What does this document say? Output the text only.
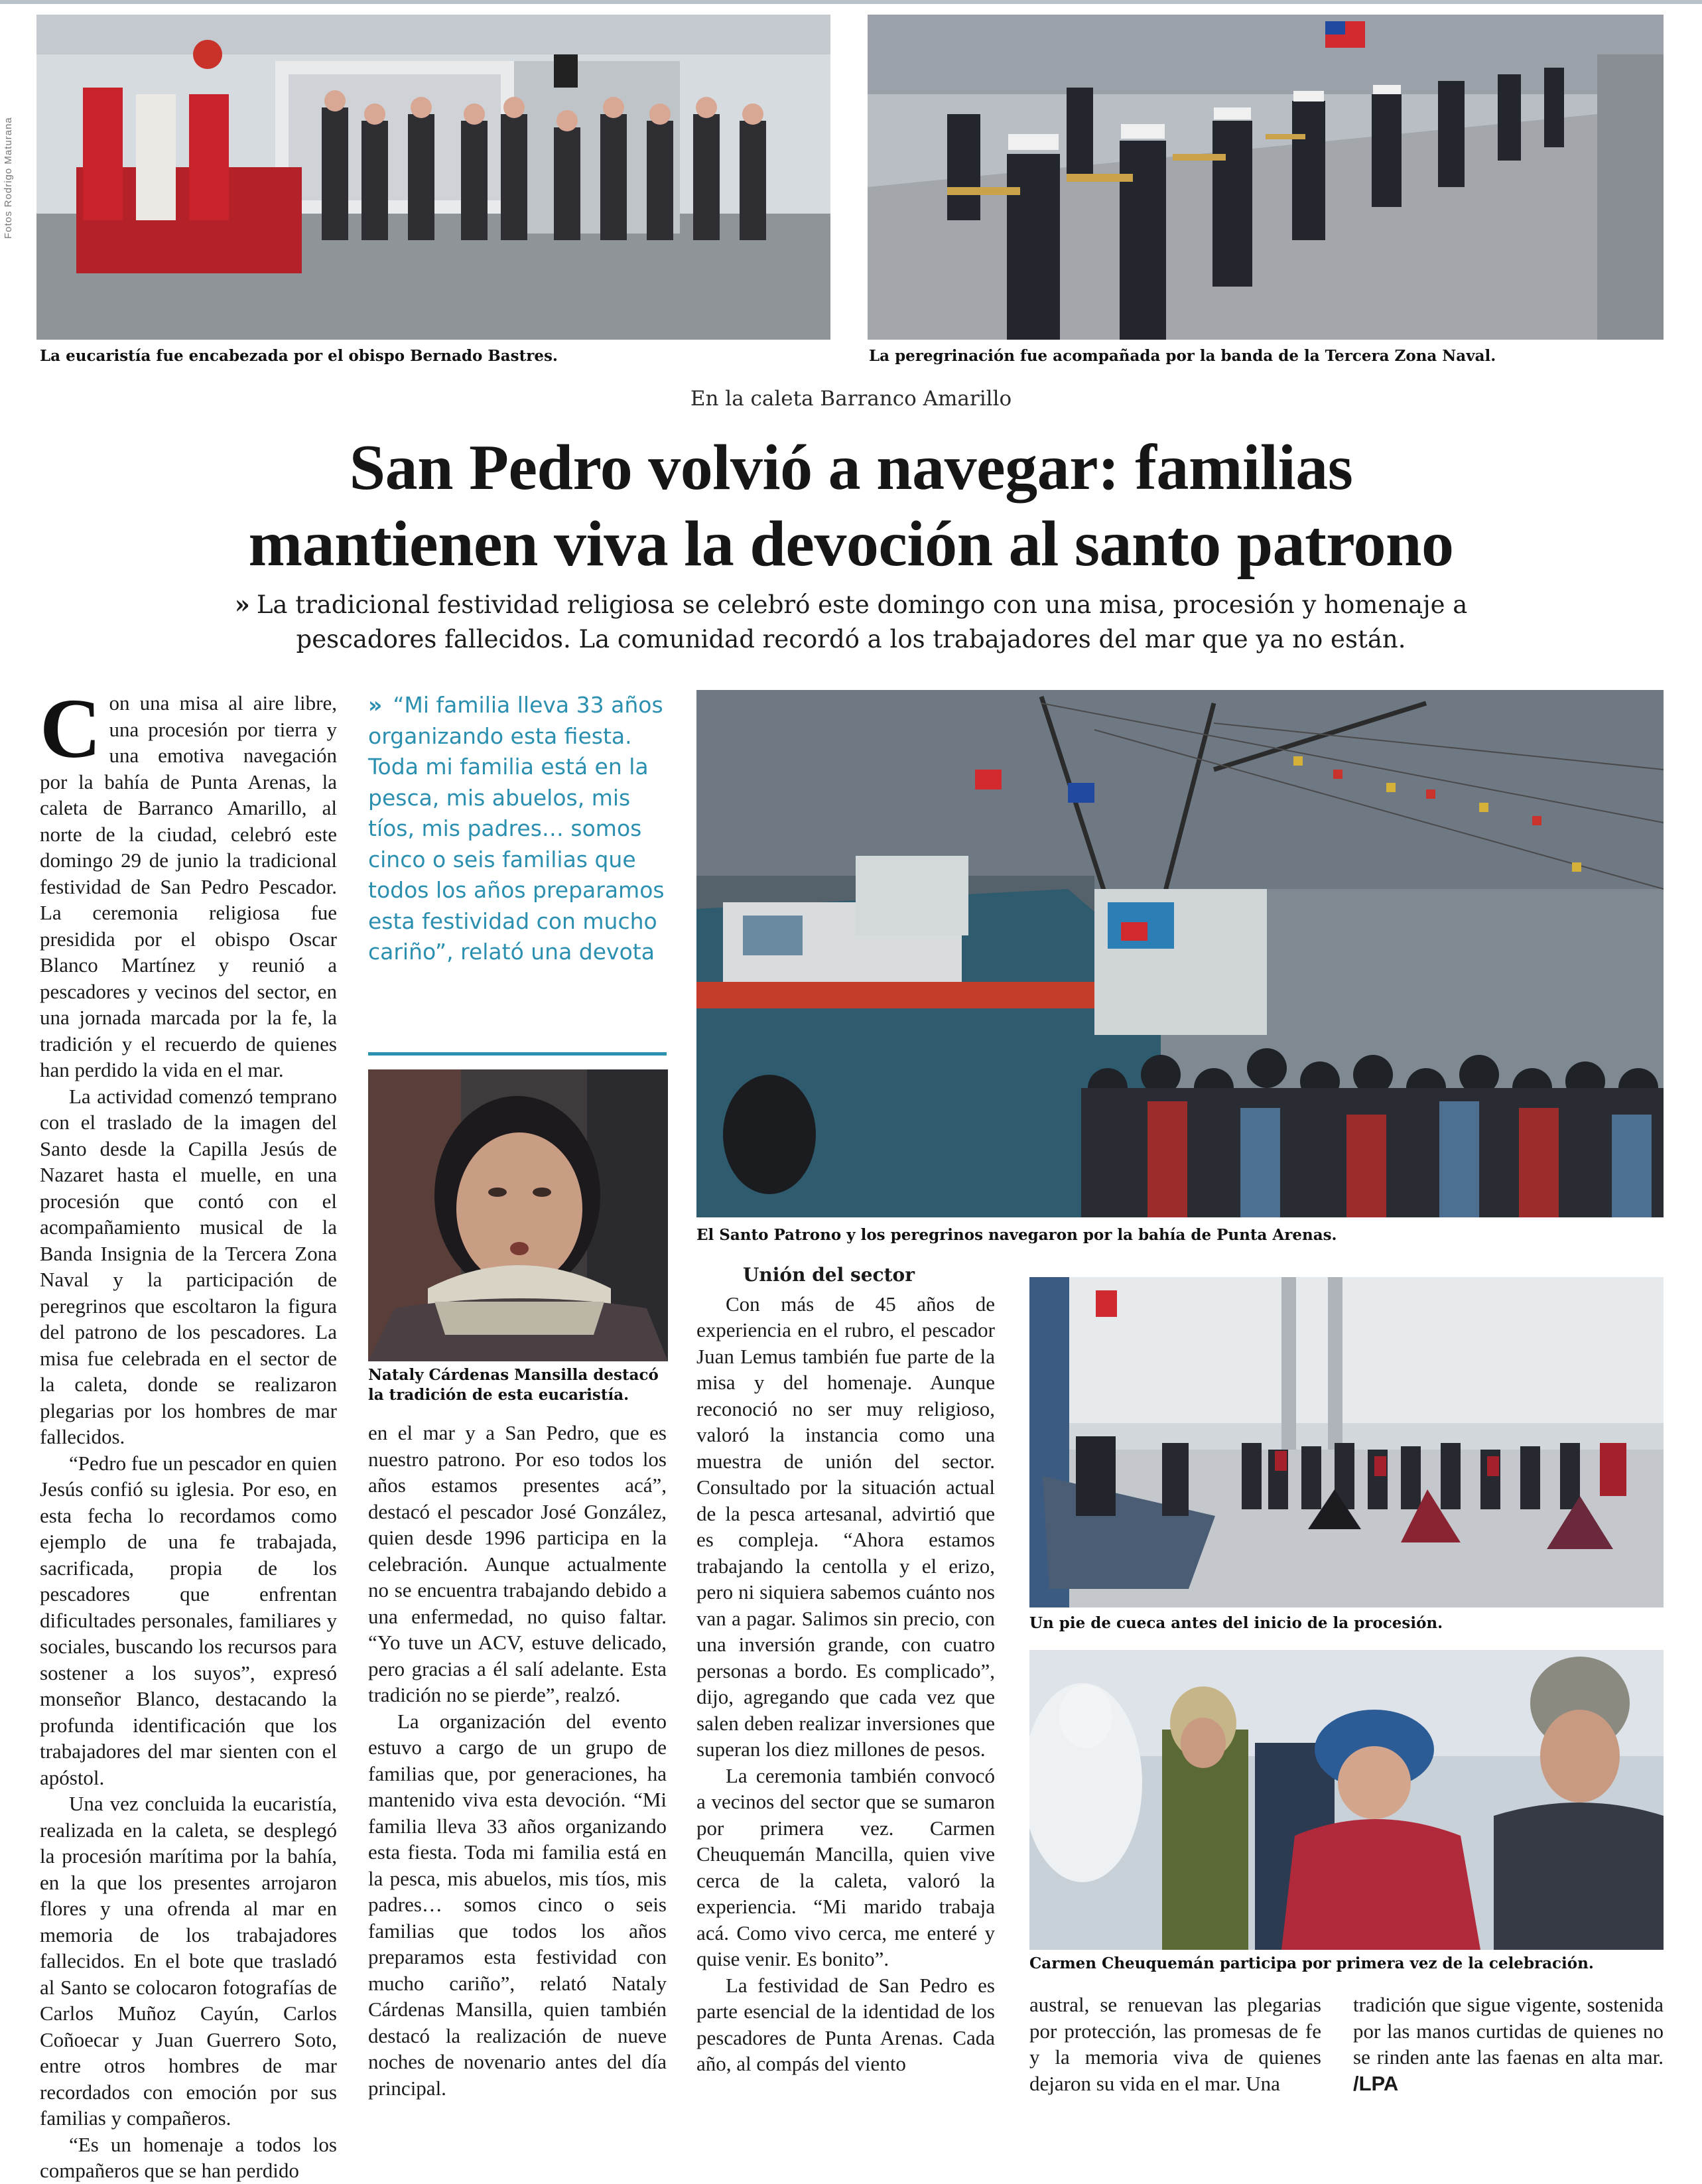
Fotos Rodrigo Maturana
La eucaristía fue encabezada por el obispo Bernado Bastres.	La peregrinación fue acompañada por la banda de la Tercera Zona Naval.
En la caleta Barranco Amarillo
San Pedro volvió a navegar: familias
mantienen viva la devoción al santo patrono
» La tradicional festividad religiosa se celebró este domingo con una misa, procesión y homenaje a pescadores fallecidos. La comunidad recordó a los trabajadores del mar que ya no están.

Con una misa al aire libre, una procesión por tierra y una emotiva navegación por la bahía de Punta Arenas, la caleta de Barranco Amarillo, al norte de la ciudad, celebró este domingo 29 de junio la tradicional festividad de San Pedro Pescador. La ceremonia religiosa fue presidida por el obispo Oscar Blanco Martínez y reunió a pescadores y vecinos del sector, en una jornada marcada por la fe, la tradición y el recuerdo de quienes han perdido la vida en el mar.

La actividad comenzó temprano con el traslado de la imagen del Santo desde la Capilla Jesús de Nazaret hasta el muelle, en una procesión que contó con el acompañamiento musical de la Banda Insignia de la Tercera Zona Naval y la participación de peregrinos que escoltaron la figura del patrono de los pescadores. La misa fue celebrada en el sector de la caleta, donde se realizaron plegarias por los hombres de mar fallecidos.

“Pedro fue un pescador en quien Jesús confió su iglesia. Por eso, en esta fecha lo recordamos como ejemplo de una fe trabajada, sacrificada, propia de los pescadores que enfrentan dificultades personales, familiares y sociales, buscando los recursos para sostener a los suyos”, expresó monseñor Blanco, destacando la profunda identificación que los trabajadores del mar sienten con el apóstol.

Una vez concluida la eucaristía, realizada en la caleta, se desplegó la procesión marítima por la bahía, en la que los presentes arrojaron flores y una ofrenda al mar en memoria de los trabajadores fallecidos. En el bote que trasladó al Santo se colocaron fotografías de Carlos Muñoz Cayún, Carlos Coñoecar y Juan Guerrero Soto, entre otros hombres de mar recordados con emoción por sus familias y compañeros.

“Es un homenaje a todos los compañeros que se han perdido

» “Mi familia lleva 33 años organizando esta fiesta. Toda mi familia está en la pesca, mis abuelos, mis tíos, mis padres… somos cinco o seis familias que todos los años preparamos esta festividad con mucho cariño”, relató una devota
Nataly Cárdenas Mansilla destacó la tradición de esta eucaristía.

en el mar y a San Pedro, que es nuestro patrono. Por eso todos los años estamos presentes acá”, destacó el pescador José González, quien desde 1996 participa en la celebración. Aunque actualmente no se encuentra trabajando debido a una enfermedad, no quiso faltar. “Yo tuve un ACV, estuve delicado, pero gracias a él salí adelante. Esta tradición no se pierde”, realzó.

La organización del evento estuvo a cargo de un grupo de familias que, por generaciones, ha mantenido viva esta devoción. “Mi familia lleva 33 años organizando esta fiesta. Toda mi familia está en la pesca, mis abuelos, mis tíos, mis padres… somos cinco o seis familias que todos los años preparamos esta festividad con mucho cariño”, relató Nataly Cárdenas Mansilla, quien también destacó la realización de nueve noches de novenario antes del día principal.

El Santo Patrono y los peregrinos navegaron por la bahía de Punta Arenas.

Unión del sector

Con más de 45 años de experiencia en el rubro, el pescador Juan Lemus también fue parte de la misa y del homenaje. Aunque reconoció no ser muy religioso, valoró la instancia como una muestra de unión del sector. Consultado por la situación actual de la pesca artesanal, advirtió que es compleja. “Ahora estamos trabajando la centolla y el erizo, pero ni siquiera sabemos cuánto nos van a pagar. Salimos sin precio, con una inversión grande, con cuatro personas a bordo. Es complicado”, dijo, agregando que cada vez que salen deben realizar inversiones que superan los diez millones de pesos.

La ceremonia también convocó a vecinos del sector que se sumaron por primera vez. Carmen Cheuquemán Mancilla, quien vive cerca de la caleta, valoró la experiencia. “Mi marido trabaja acá. Como vivo cerca, me enteré y quise venir. Es bonito”.

La festividad de San Pedro es parte esencial de la identidad de los pescadores de Punta Arenas. Cada año, al compás del viento

Un pie de cueca antes del inicio de la procesión.
Carmen Cheuquemán participa por primera vez de la celebración.

austral, se renuevan las plegarias por protección, las promesas de fe y la memoria viva de quienes dejaron su vida en el mar. Una

tradición que sigue vigente, sostenida por las manos curtidas de quienes no se rinden ante las faenas en alta mar. /LPA
